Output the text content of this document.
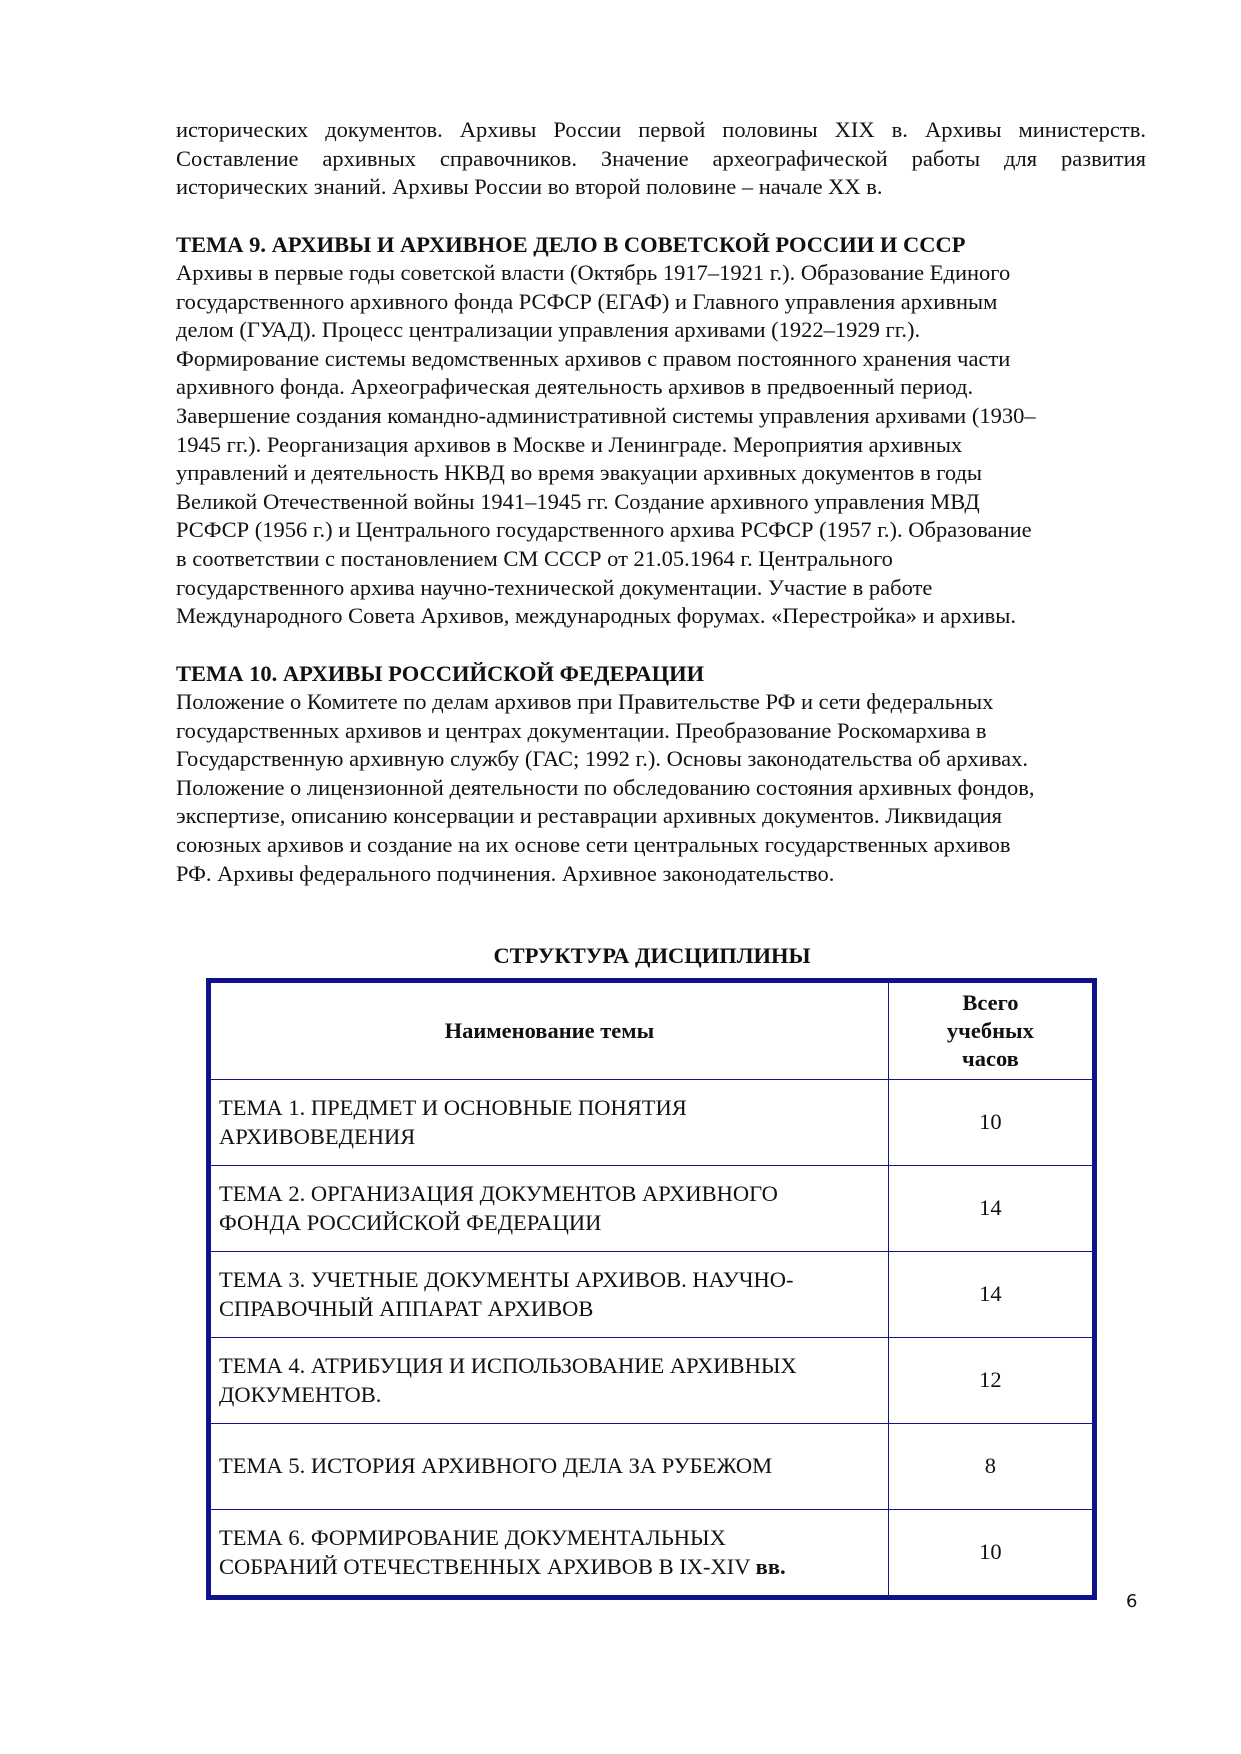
исторических документов. Архивы России первой половины XIX в. Архивы министерств.
Составление архивных справочников. Значение археографической работы для развития
исторических знаний. Архивы России во второй половине – начале XX в.
ТЕМА 9. АРХИВЫ И АРХИВНОЕ ДЕЛО В СОВЕТСКОЙ РОССИИ И СССР
Архивы в первые годы советской власти (Октябрь 1917–1921 г.). Образование Единого
государственного архивного фонда РСФСР (ЕГАФ) и Главного управления архивным
делом (ГУАД). Процесс централизации управления архивами (1922–1929 гг.).
Формирование системы ведомственных архивов с правом постоянного хранения части
архивного фонда. Археографическая деятельность архивов в предвоенный период.
Завершение создания командно-административной системы управления архивами (1930–
1945 гг.). Реорганизация архивов в Москве и Ленинграде. Мероприятия архивных
управлений и деятельность НКВД во время эвакуации архивных документов в годы
Великой Отечественной войны 1941–1945 гг. Создание архивного управления МВД
РСФСР (1956 г.) и Центрального государственного архива РСФСР (1957 г.). Образование
в соответствии с постановлением СМ СССР от 21.05.1964 г. Центрального
государственного архива научно-технической документации. Участие в работе
Международного Совета Архивов, международных форумах. «Перестройка» и архивы.
ТЕМА 10. АРХИВЫ РОССИЙСКОЙ ФЕДЕРАЦИИ
Положение о Комитете по делам архивов при Правительстве РФ и сети федеральных
государственных архивов и центрах документации. Преобразование Роскомархива в
Государственную архивную службу (ГАС; 1992 г.). Основы законодательства об архивах.
Положение о лицензионной деятельности по обследованию состояния архивных фондов,
экспертизе, описанию консервации и реставрации архивных документов. Ликвидация
союзных архивов и создание на их основе сети центральных государственных архивов
РФ. Архивы федерального подчинения. Архивное законодательство.
СТРУКТУРА ДИСЦИПЛИНЫ
Наименование темы	Всего
учебных
часов
ТЕМА 1. ПРЕДМЕТ И ОСНОВНЫЕ ПОНЯТИЯ
АРХИВОВЕДЕНИЯ	10
ТЕМА 2. ОРГАНИЗАЦИЯ ДОКУМЕНТОВ АРХИВНОГО
ФОНДА РОССИЙСКОЙ ФЕДЕРАЦИИ	14
ТЕМА 3. УЧЕТНЫЕ ДОКУМЕНТЫ АРХИВОВ. НАУЧНО-
СПРАВОЧНЫЙ АППАРАТ АРХИВОВ	14
ТЕМА 4. АТРИБУЦИЯ И ИСПОЛЬЗОВАНИЕ АРХИВНЫХ
ДОКУМЕНТОВ.	12
ТЕМА 5. ИСТОРИЯ АРХИВНОГО ДЕЛА ЗА РУБЕЖОМ	8
ТЕМА 6. ФОРМИРОВАНИЕ ДОКУМЕНТАЛЬНЫХ
СОБРАНИЙ ОТЕЧЕСТВЕННЫХ АРХИВОВ В IX-XIV вв.	10
6
